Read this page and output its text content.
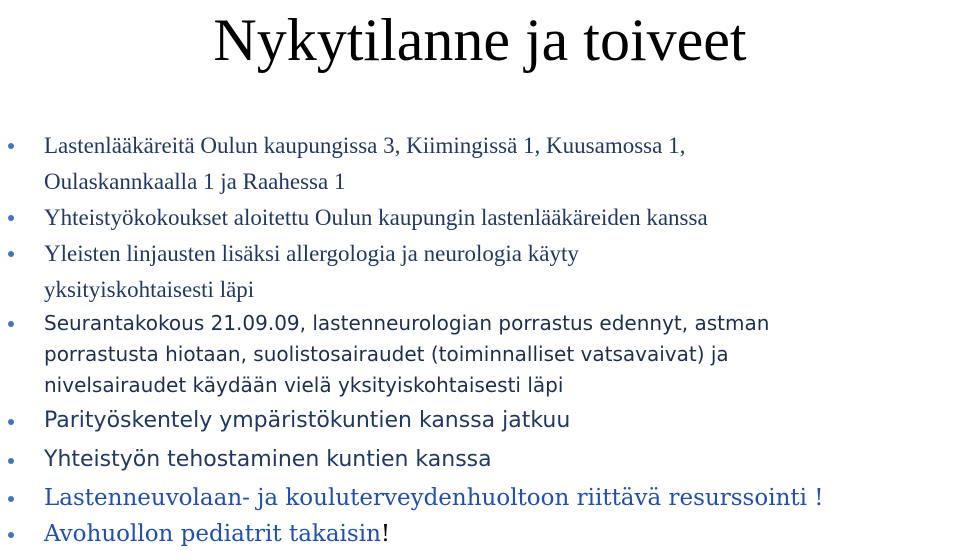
Nykytilanne ja toiveet
Lastenlääkäreitä Oulun kaupungissa 3, Kiimingissä 1, Kuusamossa 1,
Oulaskannkaalla 1 ja Raahessa 1
Yhteistyökokoukset aloitettu Oulun kaupungin lastenlääkäreiden kanssa
Yleisten linjausten lisäksi allergologia ja neurologia käyty
yksityiskohtaisesti läpi
Seurantakokous 21.09.09, lastenneurologian porrastus edennyt, astman
porrastusta hiotaan, suolistosairaudet (toiminnalliset vatsavaivat) ja
nivelsairaudet käydään vielä yksityiskohtaisesti läpi
Parityöskentely ympäristökuntien kanssa jatkuu
Yhteistyön tehostaminen kuntien kanssa
Lastenneuvolaan- ja kouluterveydenhuoltoon riittävä resurssointi !
Avohuollon pediatrit takaisin!
